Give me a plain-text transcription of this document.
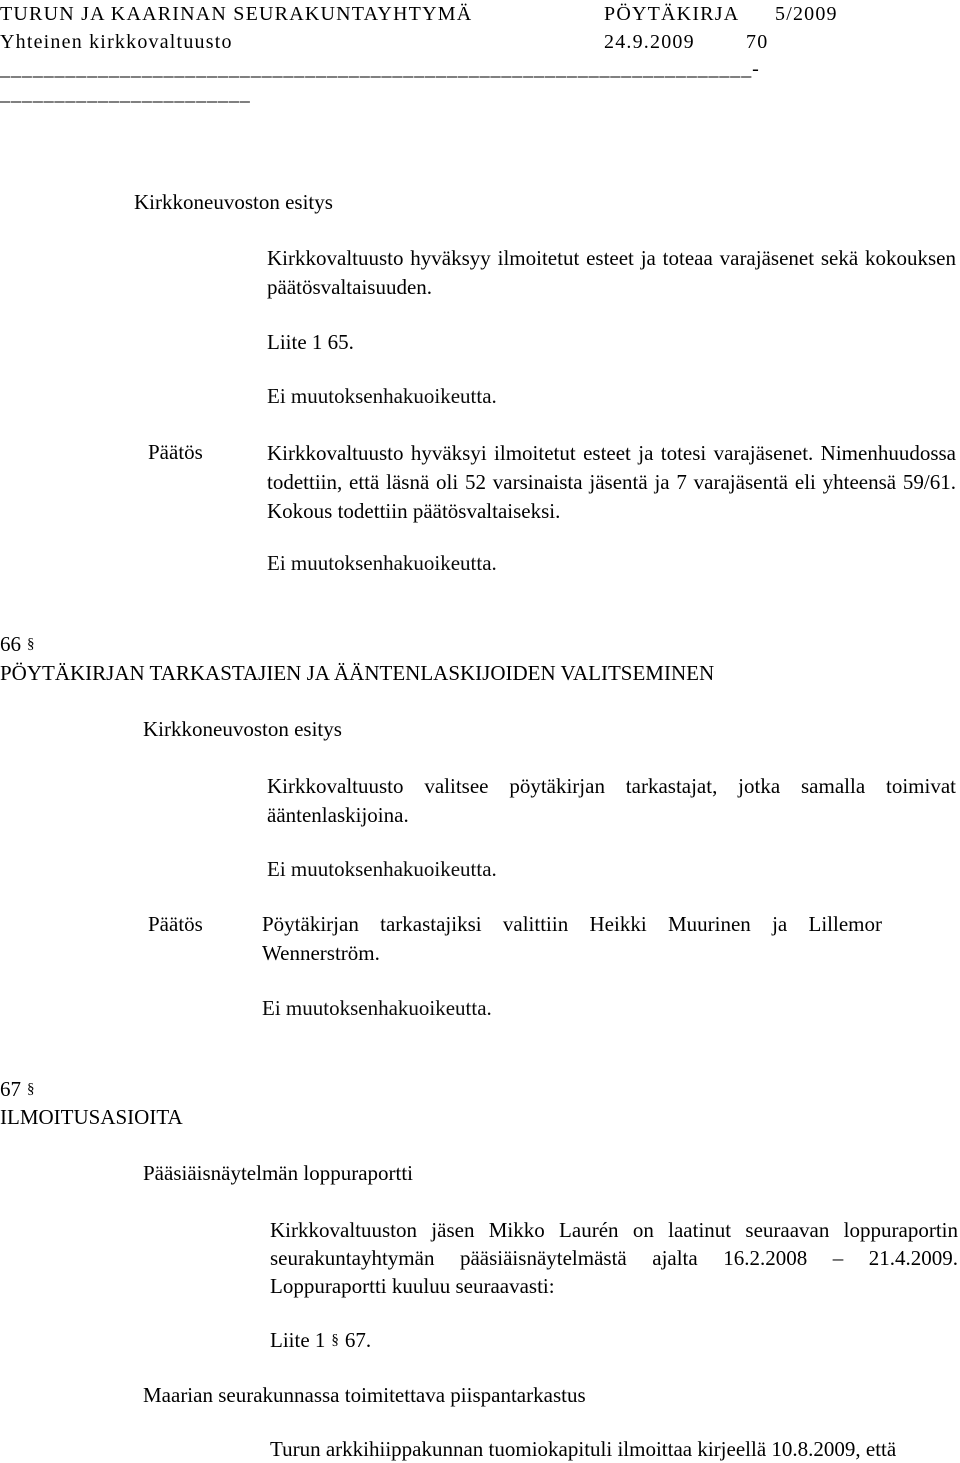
TURUN JA KAARINAN SEURAKUNTAYHTYMÄ	PÖYTÄKIRJA 5/2009
Yhteinen kirkkovaltuusto	24.9.2009	70
_____________________________________________________________________-
_______________________
Kirkkoneuvoston esitys
Kirkkovaltuusto hyväksyy ilmoitetut esteet ja toteaa varajäsenet sekä kokouksen päätösvaltaisuuden.
Liite 1 65.
Ei muutoksenhakuoikeutta.
Päätös	Kirkkovaltuusto hyväksyi ilmoitetut esteet ja totesi varajäsenet. Nimenhuudossa todettiin, että läsnä oli 52 varsinaista jäsentä ja 7 varajäsentä eli yhteensä 59/61. Kokous todettiin päätösvaltaiseksi.
Ei muutoksenhakuoikeutta.
66 §
PÖYTÄKIRJAN TARKASTAJIEN JA ÄÄNTENLASKIJOIDEN VALITSEMINEN
Kirkkoneuvoston esitys
Kirkkovaltuusto valitsee pöytäkirjan tarkastajat, jotka samalla toimivat ääntenlaskijoina.
Ei muutoksenhakuoikeutta.
Päätös	Pöytäkirjan tarkastajiksi valittiin Heikki Muurinen ja Lillemor Wennerström.
Ei muutoksenhakuoikeutta.
67 §
ILMOITUSASIOITA
Pääsiäisnäytelmän loppuraportti
Kirkkovaltuuston jäsen Mikko Laurén on laatinut seuraavan loppuraportin seurakuntayhtymän pääsiäisnäytelmästä ajalta 16.2.2008 – 21.4.2009. Loppuraportti kuuluu seuraavasti:
Liite 1 § 67.
Maarian seurakunnassa toimitettava piispantarkastus
Turun arkkihiippakunnan tuomiokapituli ilmoittaa kirjeellä 10.8.2009, että
